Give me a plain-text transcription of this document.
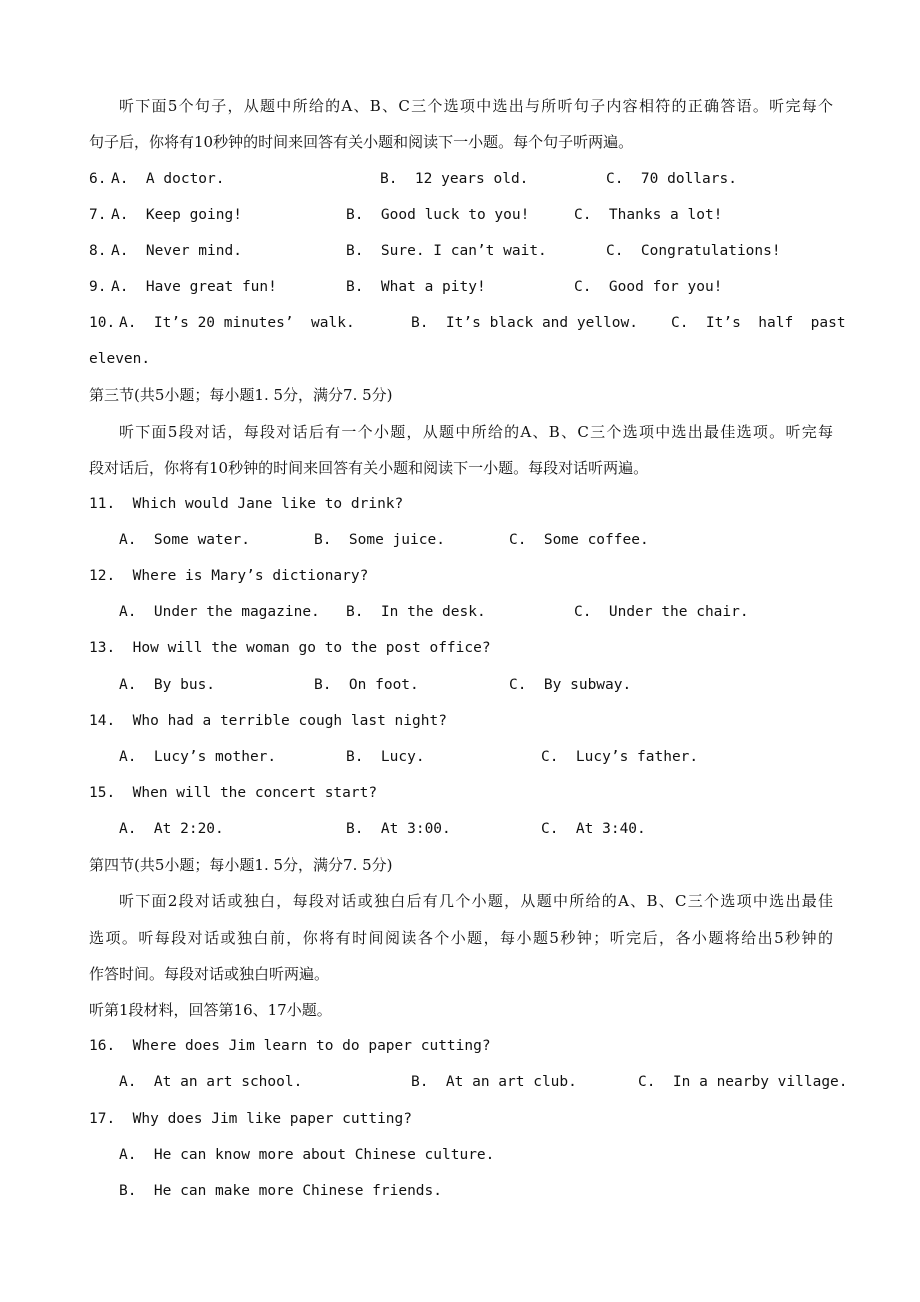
听下面5个句子，从题中所给的A、B、C三个选项中选出与所听句子内容相符的正确答语。听完每个
句子后，你将有10秒钟的时间来回答有关小题和阅读下一小题。每个句子听两遍。
6. A.  A doctor.	B.  12 years old.	C.  70 dollars.
7. A.  Keep going!	B.  Good luck to you!	C.  Thanks a lot!
8. A.  Never mind.	B.  Sure. I can’t wait.	C.  Congratulations!
9. A.  Have great fun!	B.  What a pity!	C.  Good for you!
10. A.  It’s 20 minutes’  walk.	B.  It’s black and yellow. C.  It’s  half  past
eleven.
第三节(共5小题；每小题1. 5分，满分7. 5分)
听下面5段对话，每段对话后有一个小题，从题中所给的A、B、C三个选项中选出最佳选项。听完每
段对话后，你将有10秒钟的时间来回答有关小题和阅读下一小题。每段对话听两遍。
11.  Which would Jane like to drink?
A.  Some water.	B.  Some juice.	C.  Some coffee.
12.  Where is Mary’s dictionary?
A.  Under the magazine. B.  In the desk.	C.  Under the chair.
13.  How will the woman go to the post office?
A.  By bus.	B.  On foot.	C.  By subway.
14.  Who had a terrible cough last night?
A.  Lucy’s mother.	B.  Lucy.	C.  Lucy’s father.
15.  When will the concert start?
A.  At 2:20.	B.  At 3:00.	C.  At 3:40.
第四节(共5小题；每小题1. 5分，满分7. 5分)
听下面2段对话或独白，每段对话或独白后有几个小题，从题中所给的A、B、C三个选项中选出最佳
选项。听每段对话或独白前，你将有时间阅读各个小题，每小题5秒钟；听完后，各小题将给出5秒钟的
作答时间。每段对话或独白听两遍。
听第1段材料，回答第16、17小题。
16.  Where does Jim learn to do paper cutting?
A.  At an art school.	B.  At an art club.	C.  In a nearby village.
17.  Why does Jim like paper cutting?
A.  He can know more about Chinese culture.
B.  He can make more Chinese friends.
